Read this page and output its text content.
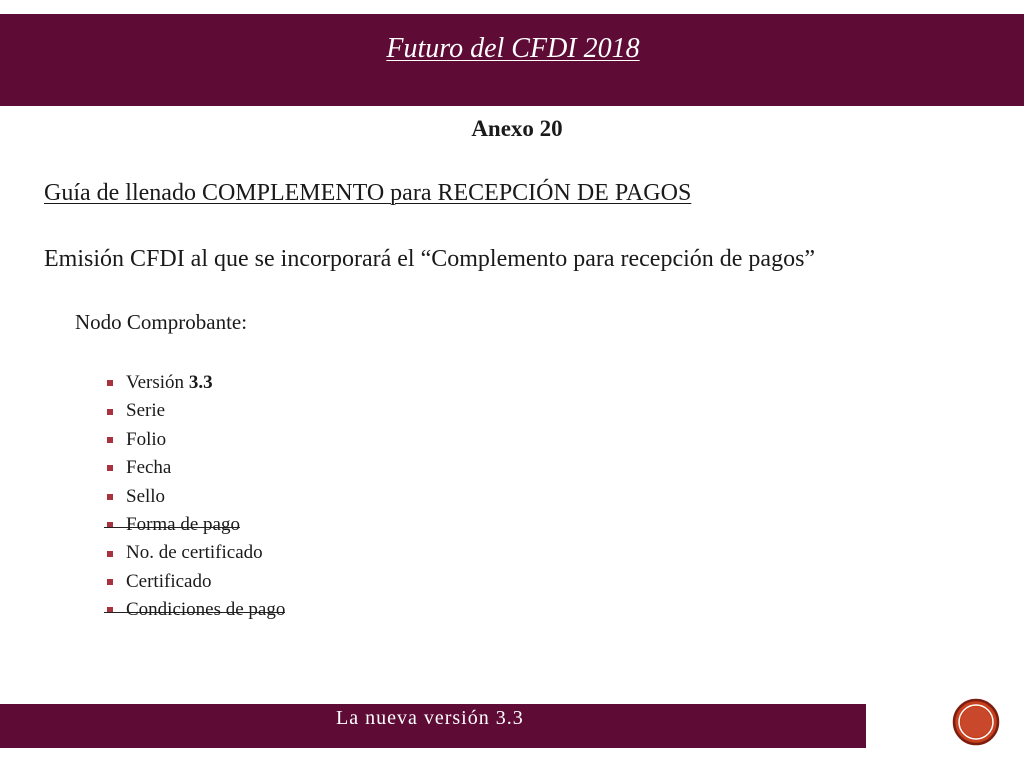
Futuro del CFDI 2018
Anexo 20
Guía de llenado COMPLEMENTO para RECEPCIÓN DE PAGOS
Emisión CFDI al que se incorporará el “Complemento para recepción de pagos”
Nodo Comprobante:
Versión 3.3
Serie
Folio
Fecha
Sello
Forma de pago
No. de certificado
Certificado
Condiciones de pago
La nueva versión 3.3
